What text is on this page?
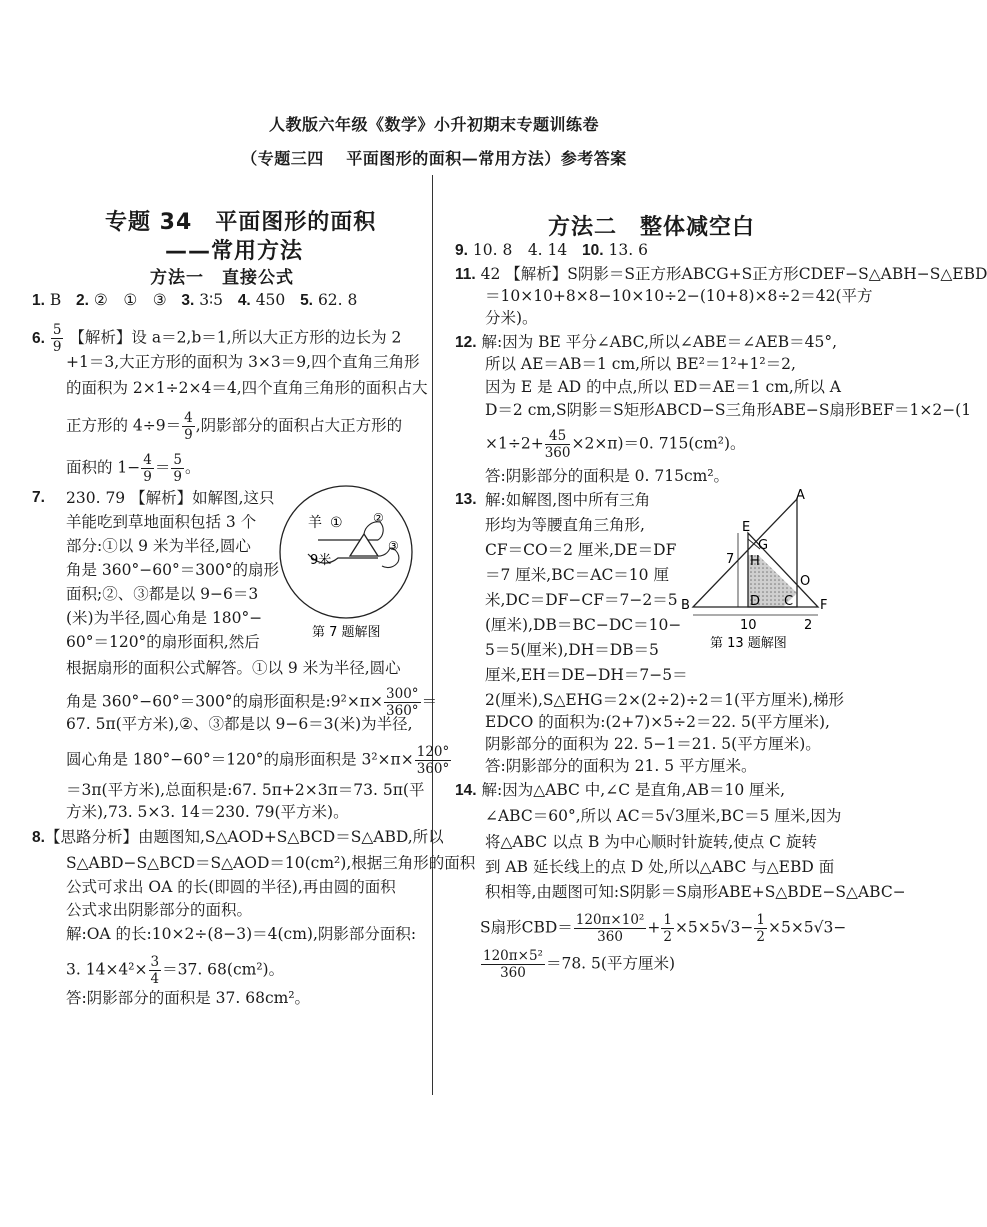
人教版六年级《数学》小升初期末专题训练卷
（专题三四　 平面图形的面积—常用方法）参考答案
专题 34　平面图形的面积
——常用方法
方法一　直接公式
1. B 2. ②　①　③ 3. 3∶5 4. 450 5. 62. 8
6. $\frac{5}{9}$ 【解析】设 a＝2,b＝1,所以大正方形的边长为 2
+1＝3,大正方形的面积为 3×3＝9,四个直角三角形
的面积为 2×1÷2×4＝4,四个直角三角形的面积占大
正方形的 $4\div 9= \frac{4}{9}$ ,阴影部分的面积占大正方形的
面积的 $1- \frac{4}{9} = \frac{5}{9}$ 。
7. 230. 79 【解析】如解图,这只
羊能吃到草地面积包括 3 个
部分:①以 9 米为半径,圆心
角是 360°−60°＝300°的扇形
面积;②、③都是以 9−6＝3
(米)为半径,圆心角是 180°−
60°＝120°的扇形面积,然后
根据扇形的面积公式解答。①以 9 米为半径,圆心
角是 360°−60°＝300°的扇形面积是:9²×π× $\frac{300^\circ}{360^\circ}$ ＝
67. 5π(平方米),②、③都是以 9−6＝3(米)为半径,
圆心角是 180°−60°＝120°的扇形面积是 $3^2\times\pi\times \frac{120^\circ}{360^\circ}$
＝3π(平方米),总面积是:67. 5π+2×3π＝73. 5π(平
方米),73. 5×3. 14＝230. 79(平方米)。
羊 ①	②
③
9米
第 7 题解图
8.【思路分析】由题图知,S△AOD+S△BCD＝S△ABD,所以
S△ABD−S△BCD＝S△AOD＝10(cm²),根据三角形的面积
公式可求出 OA 的长(即圆的半径),再由圆的面积
公式求出阴影部分的面积。
解:OA 的长:10×2÷(8−3)＝4(cm),阴影部分面积:
3. $14\times 4^2\times \frac{3}{4} =37$. 68(cm²)。
答:阴影部分的面积是 37. 68cm²。
方法二　整体减空白
9. 10. 8　4. 14 10. 13. 6
11. 42 【解析】S阴影＝S正方形ABCG+S正方形CDEF−S△ABH−S△EBD
＝10×10+8×8−10×10÷2−(10+8)×8÷2＝42(平方
分米)。
12. 解:因为 BE 平分∠ABC,所以∠ABE＝∠AEB＝45°,
所以 AE＝AB＝1 cm,所以 BE²＝1²+1²＝2,
因为 E 是 AD 的中点,所以 ED＝AE＝1 cm,所以 A
D＝2 cm,S阴影＝S矩形ABCD−S三角形ABE−S扇形BEF＝1×2−(1
$\times 1\div 2+ \frac{45}{360} \times 2\times\pi)=0$. 715(cm²)。
答:阴影部分的面积是 0. 715cm²。
13. 解:如解图,图中所有三角
形均为等腰直角三角形,
CF＝CO＝2 厘米,DE＝DF
＝7 厘米,BC＝AC＝10 厘
米,DC＝DF−CF＝7−2＝5
(厘米),DB＝BC−DC＝10−
5＝5(厘米),DH＝DB＝5
厘米,EH＝DE−DH＝7−5＝
2(厘米),S△EHG＝2×(2÷2)÷2＝1(平方厘米),梯形
EDCO 的面积为:(2+7)×5÷2＝22. 5(平方厘米),
阴影部分的面积为 22. 5−1＝21. 5(平方厘米)。
答:阴影部分的面积为 21. 5 平方厘米。
A
B	C
D
E
F
G
H
O
7
10	2
第 13 题解图
14. 解:因为△ABC 中,∠C 是直角,AB＝10 厘米,
∠ABC＝60°,所以 AC＝5√3厘米,BC＝5 厘米,因为
将△ABC 以点 B 为中心顺时针旋转,使点 C 旋转
到 AB 延长线上的点 D 处,所以△ABC 与△EBD 面
积相等,由题图可知:S阴影＝S扇形ABE+S△BDE−S△ABC−
S扇形$CBD= \frac{\text{120π×10²}}{360} + \frac{1}{2} \times 5\times 5√3- \frac{1}{2} \times 5\times 5√3-$
$\frac{\text{120π×5²}}{360} =78$. 5(平方厘米)
